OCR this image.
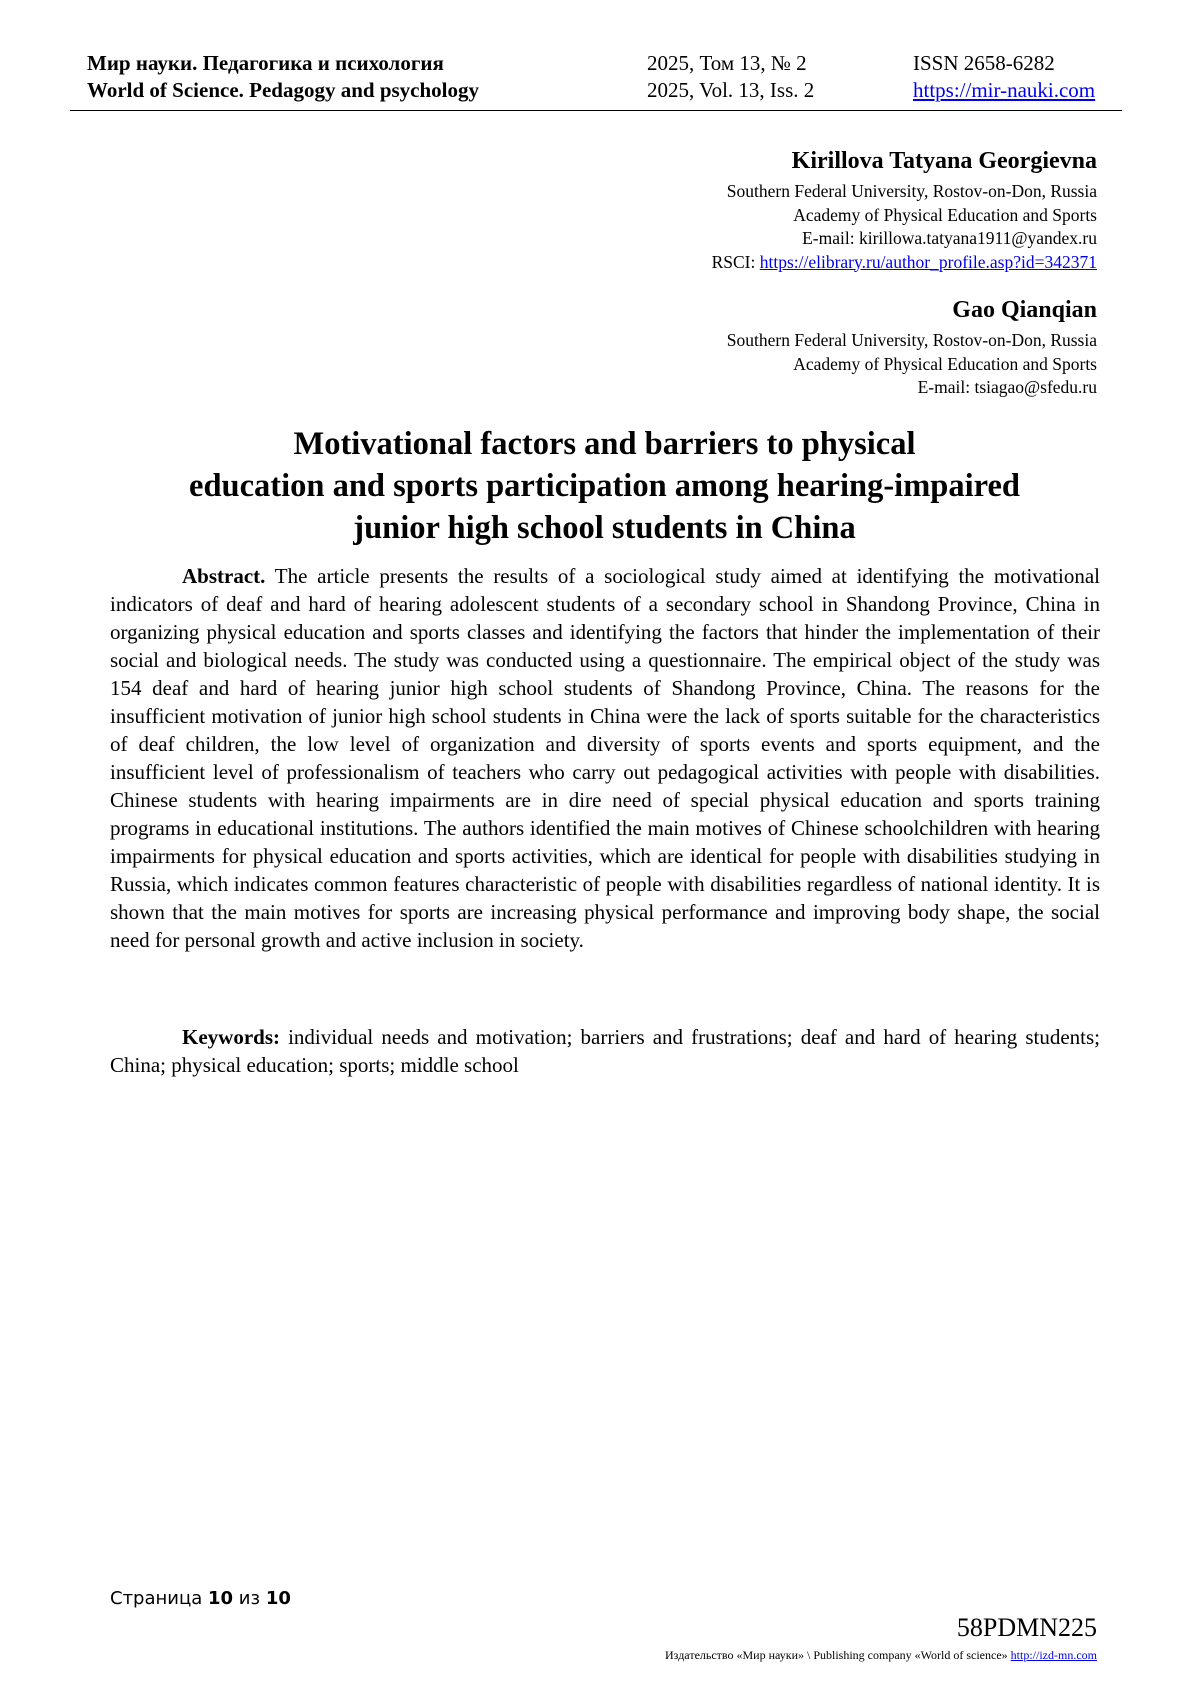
Мир науки. Педагогика и психология	2025, Том 13, № 2	ISSN 2658-6282
World of Science. Pedagogy and psychology	2025, Vol. 13, Iss. 2	https://mir-nauki.com
Kirillova Tatyana Georgievna
Southern Federal University, Rostov-on-Don, Russia
Academy of Physical Education and Sports
E-mail: kirillowa.tatyana1911@yandex.ru
RSCI: https://elibrary.ru/author_profile.asp?id=342371
Gao Qianqian
Southern Federal University, Rostov-on-Don, Russia
Academy of Physical Education and Sports
E-mail: tsiagao@sfedu.ru
Motivational factors and barriers to physical
education and sports participation among hearing-impaired
junior high school students in China
Abstract. The article presents the results of a sociological study aimed at identifying the motivational indicators of deaf and hard of hearing adolescent students of a secondary school in Shandong Province, China in organizing physical education and sports classes and identifying the factors that hinder the implementation of their social and biological needs. The study was conducted using a questionnaire. The empirical object of the study was 154 deaf and hard of hearing junior high school students of Shandong Province, China. The reasons for the insufficient motivation of junior high school students in China were the lack of sports suitable for the characteristics of deaf children, the low level of organization and diversity of sports events and sports equipment, and the insufficient level of professionalism of teachers who carry out pedagogical activities with people with disabilities. Chinese students with hearing impairments are in dire need of special physical education and sports training programs in educational institutions. The authors identified the main motives of Chinese schoolchildren with hearing impairments for physical education and sports activities, which are identical for people with disabilities studying in Russia, which indicates common features characteristic of people with disabilities regardless of national identity. It is shown that the main motives for sports are increasing physical performance and improving body shape, the social need for personal growth and active inclusion in society.
Keywords: individual needs and motivation; barriers and frustrations; deaf and hard of hearing students; China; physical education; sports; middle school
Страница 10 из 10
58PDMN225
Издательство «Мир науки» \ Publishing company «World of science» http://izd-mn.com
